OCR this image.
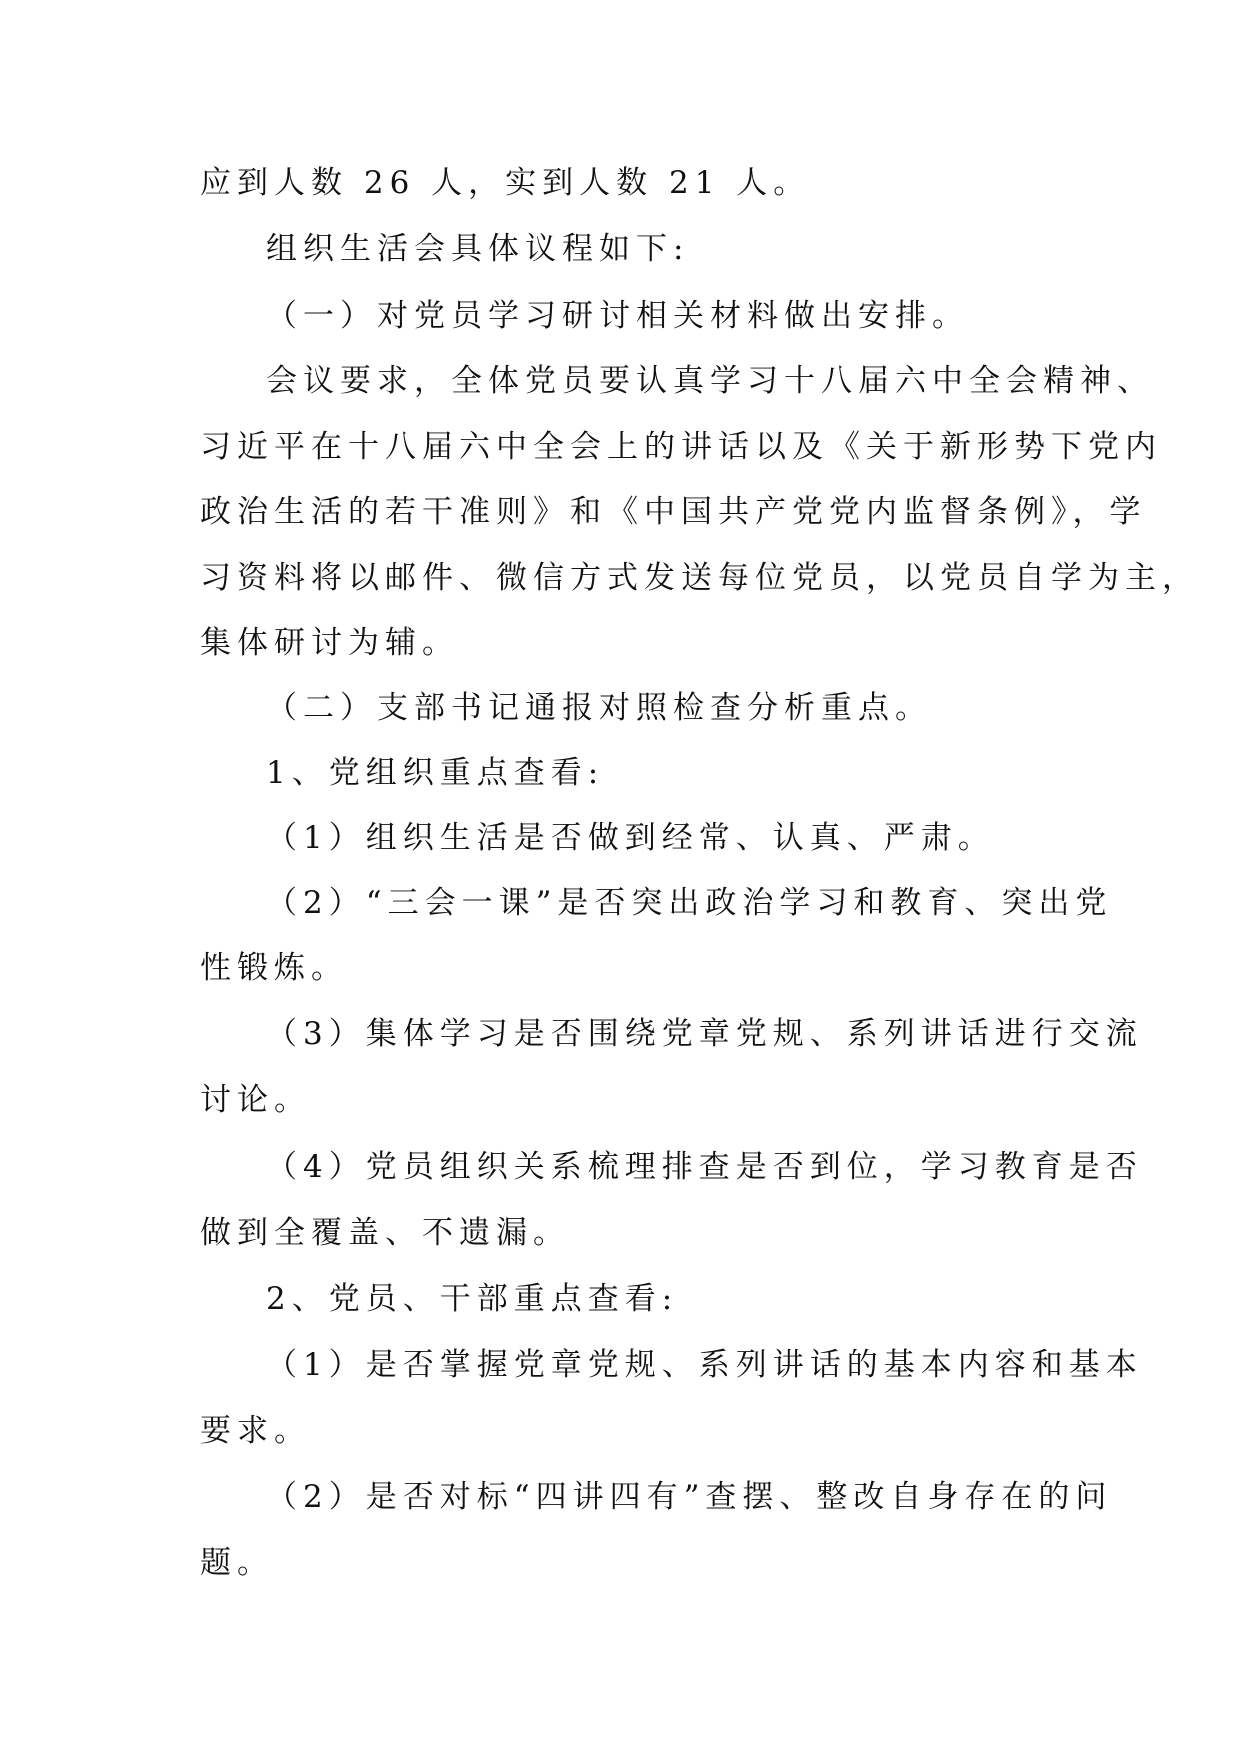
应到人数 26 人，实到人数 21 人。

组织生活会具体议程如下:

（一）对党员学习研讨相关材料做出安排。

会议要求，全体党员要认真学习十八届六中全会精神、

习近平在十八届六中全会上的讲话以及《关于新形势下党内

政治生活的若干准则》和《中国共产党党内监督条例》，学

习资料将以邮件、微信方式发送每位党员，以党员自学为主，

集体研讨为辅。

（二）支部书记通报对照检查分析重点。

1、党组织重点查看:

（1）组织生活是否做到经常、认真、严肃。

（2）“三会一课”是否突出政治学习和教育、突出党

性锻炼。

（3）集体学习是否围绕党章党规、系列讲话进行交流

讨论。

（4）党员组织关系梳理排查是否到位，学习教育是否

做到全覆盖、不遗漏。

2、党员、干部重点查看:

（1）是否掌握党章党规、系列讲话的基本内容和基本

要求。

（2）是否对标“四讲四有”查摆、整改自身存在的问

题。
